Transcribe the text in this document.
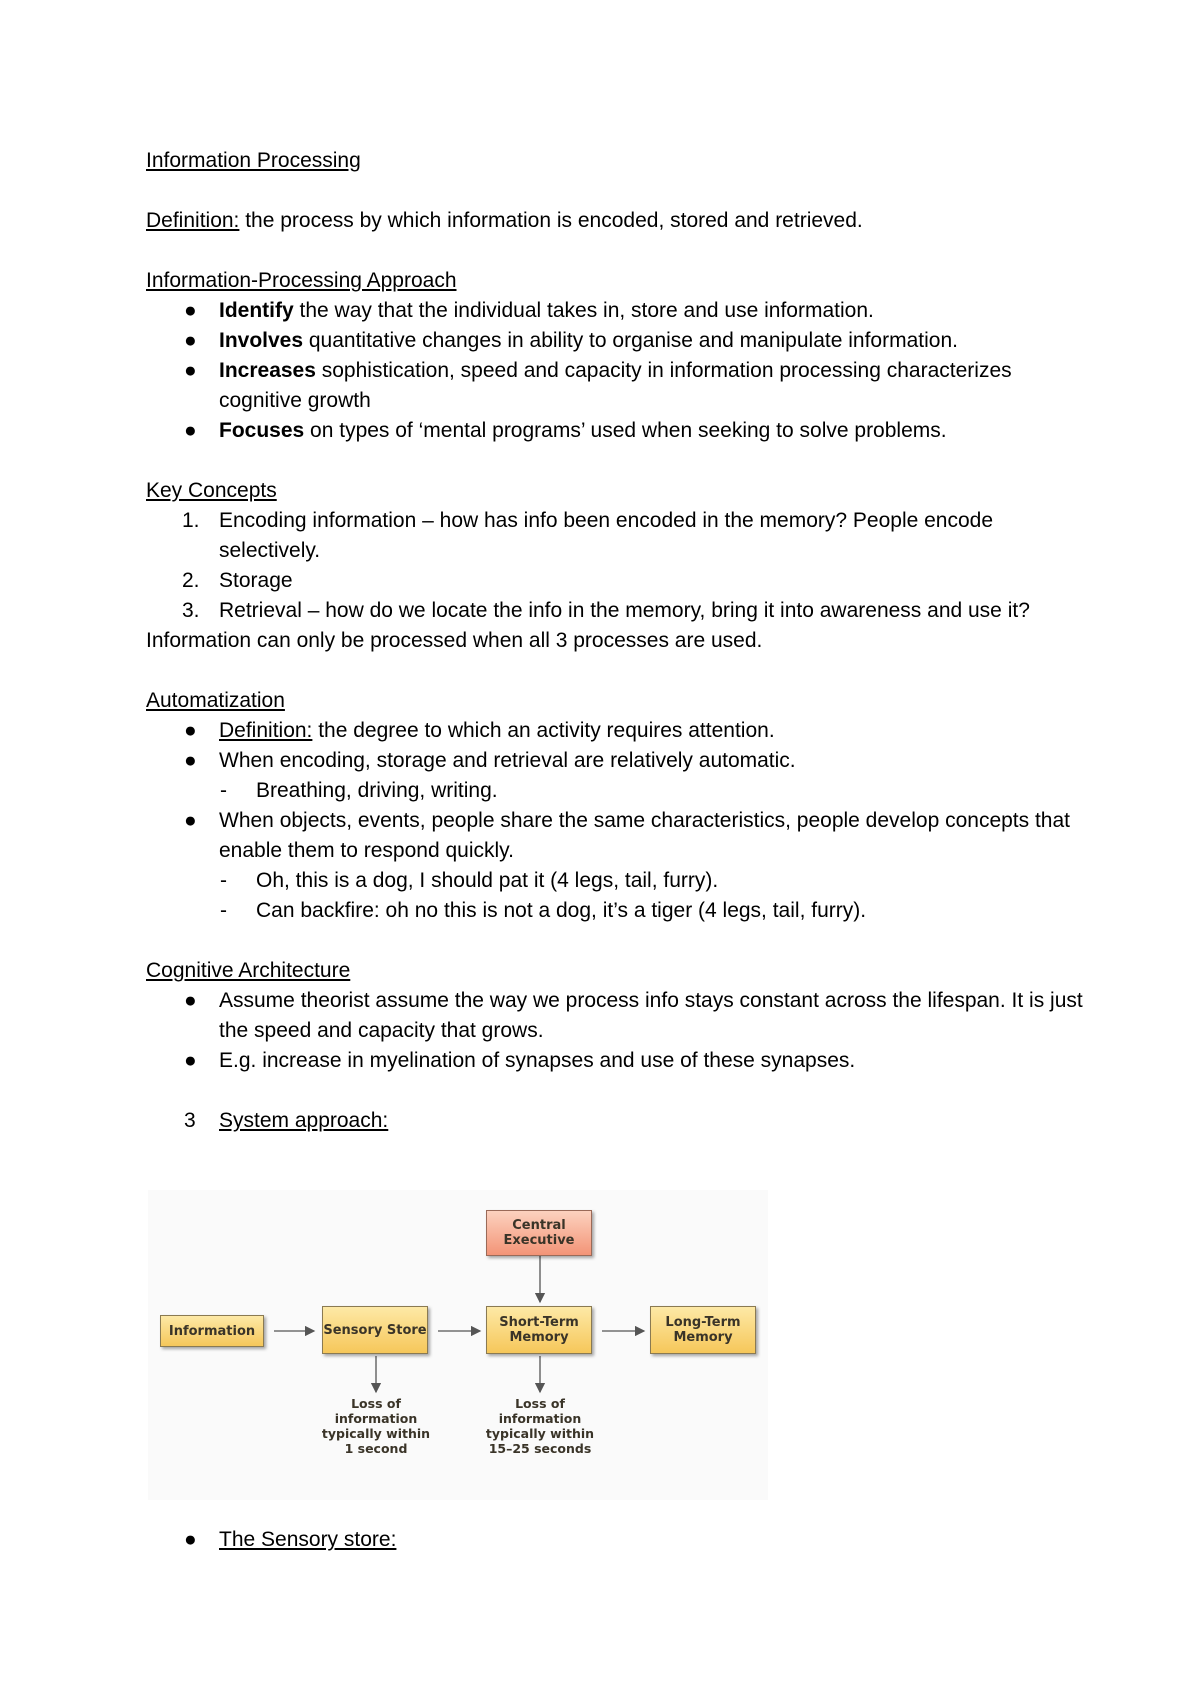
Information Processing
Definition: the process by which information is encoded, stored and retrieved.
Information-Processing Approach
● Identify the way that the individual takes in, store and use information.
● Involves quantitative changes in ability to organise and manipulate information.
● Increases sophistication, speed and capacity in information processing characterizes cognitive growth
● Focuses on types of ‘mental programs’ used when seeking to solve problems.
Key Concepts
1. Encoding information – how has info been encoded in the memory? People encode selectively.
2. Storage
3. Retrieval – how do we locate the info in the memory, bring it into awareness and use it?
Information can only be processed when all 3 processes are used.
Automatization
● Definition: the degree to which an activity requires attention.
● When encoding, storage and retrieval are relatively automatic.
- Breathing, driving, writing.
● When objects, events, people share the same characteristics, people develop concepts that enable them to respond quickly.
- Oh, this is a dog, I should pat it (4 legs, tail, furry).
- Can backfire: oh no this is not a dog, it’s a tiger (4 legs, tail, furry).
Cognitive Architecture
● Assume theorist assume the way we process info stays constant across the lifespan. It is just the speed and capacity that grows.
● E.g. increase in myelination of synapses and use of these synapses.
3 System approach:
Central Executive
Information	Sensory Store	Short-Term Memory
Long-Term Memory
Loss of information typically within 1 second
Loss of information typically within 15–25 seconds
● The Sensory store:
